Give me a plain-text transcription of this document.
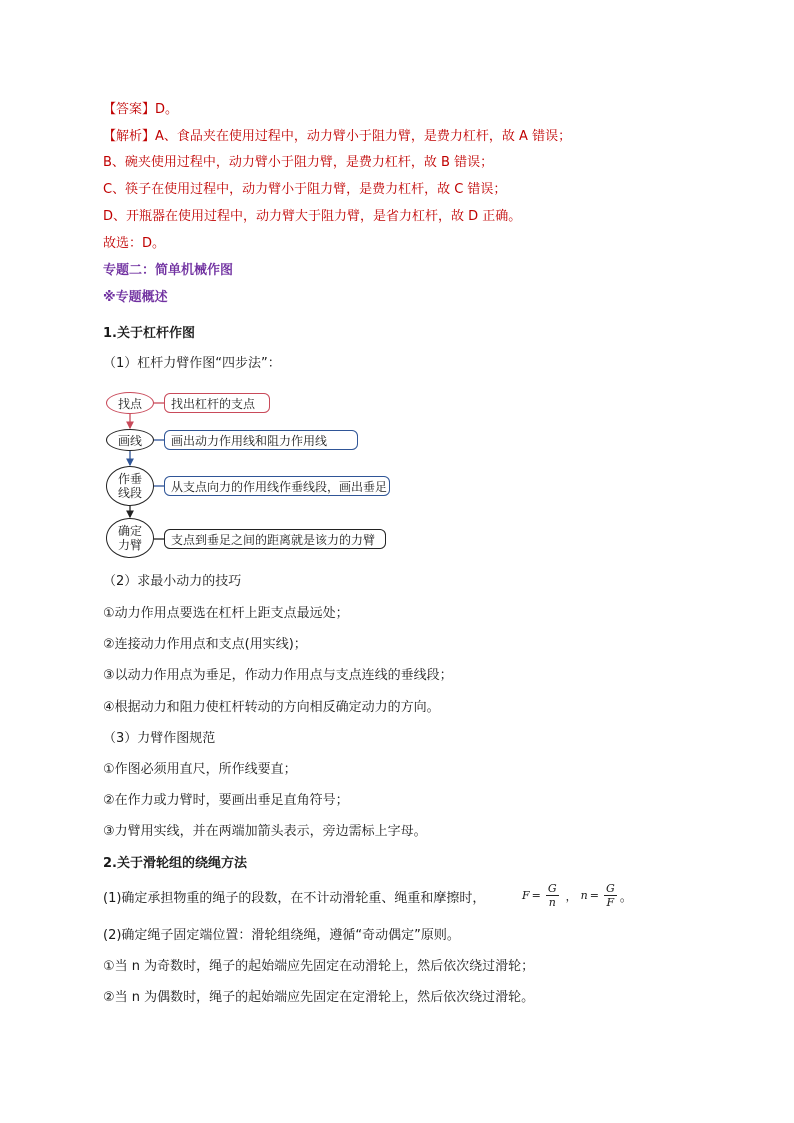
【答案】D。
【解析】A、食品夹在使用过程中，动力臂小于阻力臂，是费力杠杆，故 A 错误；
B、碗夹使用过程中，动力臂小于阻力臂，是费力杠杆，故 B 错误；
C、筷子在使用过程中，动力臂小于阻力臂，是费力杠杆，故 C 错误；
D、开瓶器在使用过程中，动力臂大于阻力臂，是省力杠杆，故 D 正确。
故选：D。
专题二：简单机械作图
※专题概述
1.关于杠杆作图
（1）杠杆力臂作图“四步法”：
找点
画线
作垂
线段
确定
力臂
找出杠杆的支点
画出动力作用线和阻力作用线
从支点向力的作用线作垂线段，画出垂足
支点到垂足之间的距离就是该力的力臂
（2）求最小动力的技巧
①动力作用点要选在杠杆上距支点最远处；
②连接动力作用点和支点(用实线)；
③以动力作用点为垂足，作动力作用点与支点连线的垂线段；
④根据动力和阻力使杠杆转动的方向相反确定动力的方向。
（3）力臂作图规范
①作图必须用直尺，所作线要直；
②在作力或力臂时，要画出垂足直角符号；
③力臂用实线，并在两端加箭头表示，旁边需标上字母。
2.关于滑轮组的绕绳方法
(1)确定承担物重的绳子的段数，在不计动滑轮重、绳重和摩擦时，	$F = \frac{G}{n}$ ， $n = \frac{G}{F}$ 。
(2)确定绳子固定端位置：滑轮组绕绳，遵循“奇动偶定”原则。
①当 n 为奇数时，绳子的起始端应先固定在动滑轮上，然后依次绕过滑轮；
②当 n 为偶数时，绳子的起始端应先固定在定滑轮上，然后依次绕过滑轮。
